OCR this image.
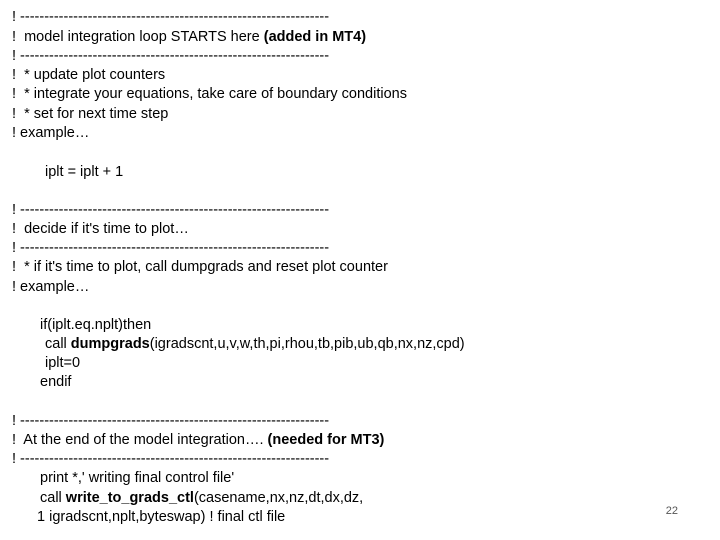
! ----------------------------------------------------------------
!  model integration loop STARTS here (added in MT4)
! ----------------------------------------------------------------
!  * update plot counters
!  * integrate your equations, take care of boundary conditions
!  * set for next time step
! example…
iplt = iplt + 1
! ----------------------------------------------------------------
!  decide if it's time to plot…
! ----------------------------------------------------------------
!  * if it's time to plot, call dumpgrads and reset plot counter
! example…
if(iplt.eq.nplt)then
call dumpgrads(igradscnt,u,v,w,th,pi,rhou,tb,pib,ub,qb,nx,nz,cpd)
iplt=0
endif
! ----------------------------------------------------------------
!  At the end of the model integration…. (needed for MT3)
! ----------------------------------------------------------------
print *,' writing final control file'
call write_to_grads_ctl(casename,nx,nz,dt,dx,dz,
1 igradscnt,nplt,byteswap) ! final ctl file	22
